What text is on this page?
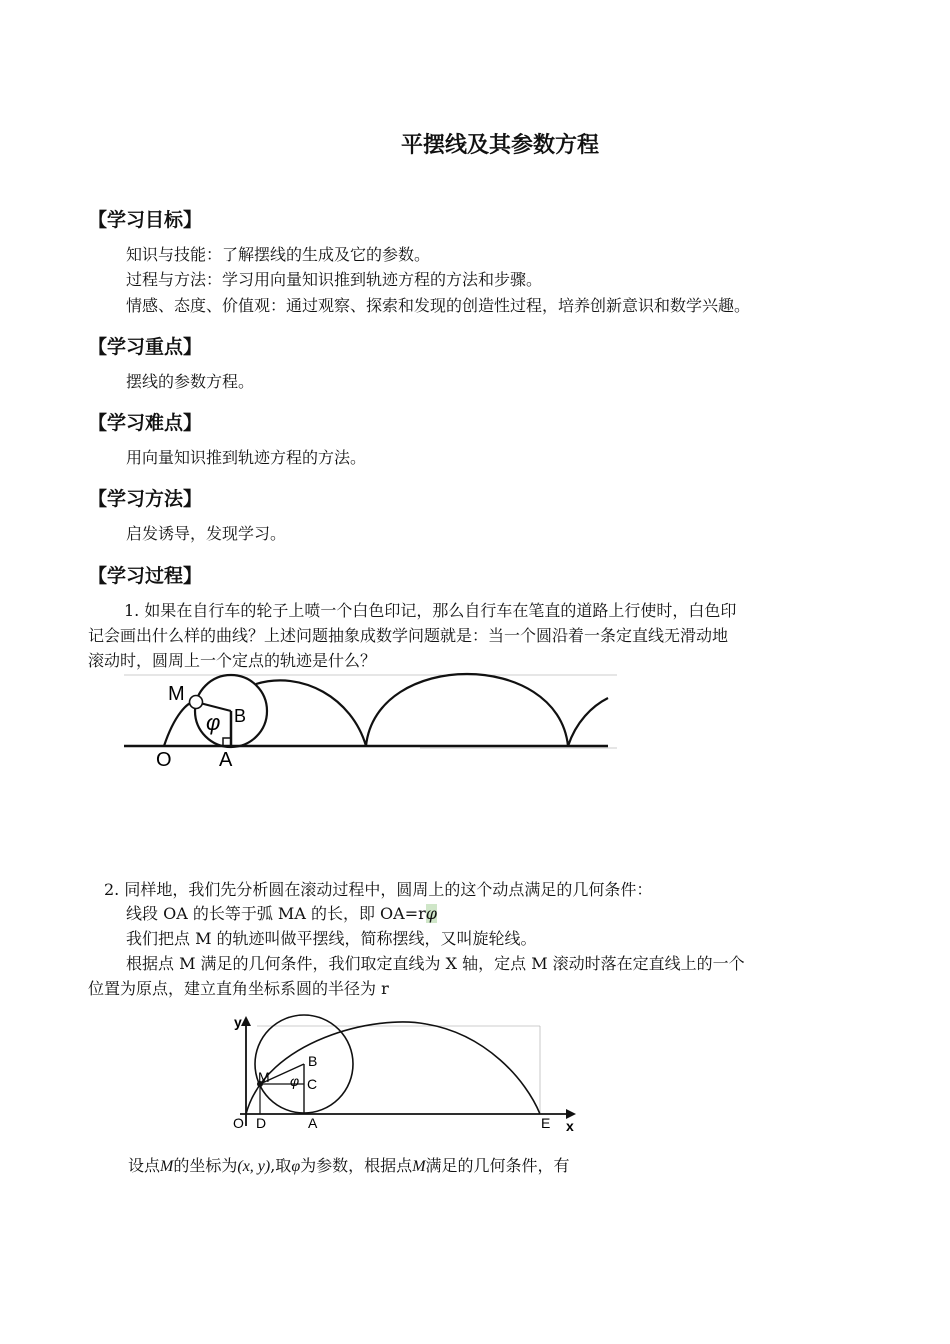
平摆线及其参数方程
【学习目标】
知识与技能：了解摆线的生成及它的参数。
过程与方法：学习用向量知识推到轨迹方程的方法和步骤。
情感、态度、价值观：通过观察、探索和发现的创造性过程，培养创新意识和数学兴趣。
【学习重点】
摆线的参数方程。
【学习难点】
用向量知识推到轨迹方程的方法。
【学习方法】
启发诱导，发现学习。
【学习过程】
1. 如果在自行车的轮子上喷一个白色印记，那么自行车在笔直的道路上行使时，白色印
记会画出什么样的曲线？上述问题抽象成数学问题就是：当一个圆沿着一条定直线无滑动地
滚动时，圆周上一个定点的轨迹是什么？
M
φ B
O A
2. 同样地，我们先分析圆在滚动过程中，圆周上的这个动点满足的几何条件：
线段 OA 的长等于弧 MA 的长，即 OA=rφ
我们把点 M 的轨迹叫做平摆线，简称摆线，又叫旋轮线。
根据点 M 满足的几何条件，我们取定直线为 X 轴，定点 M 滚动时落在定直线上的一个
位置为原点，建立直角坐标系圆的半径为 r
y
B
M φ C
O D	A	E x
设点M的坐标为(x, y),取φ为参数，根据点M满足的几何条件，有
